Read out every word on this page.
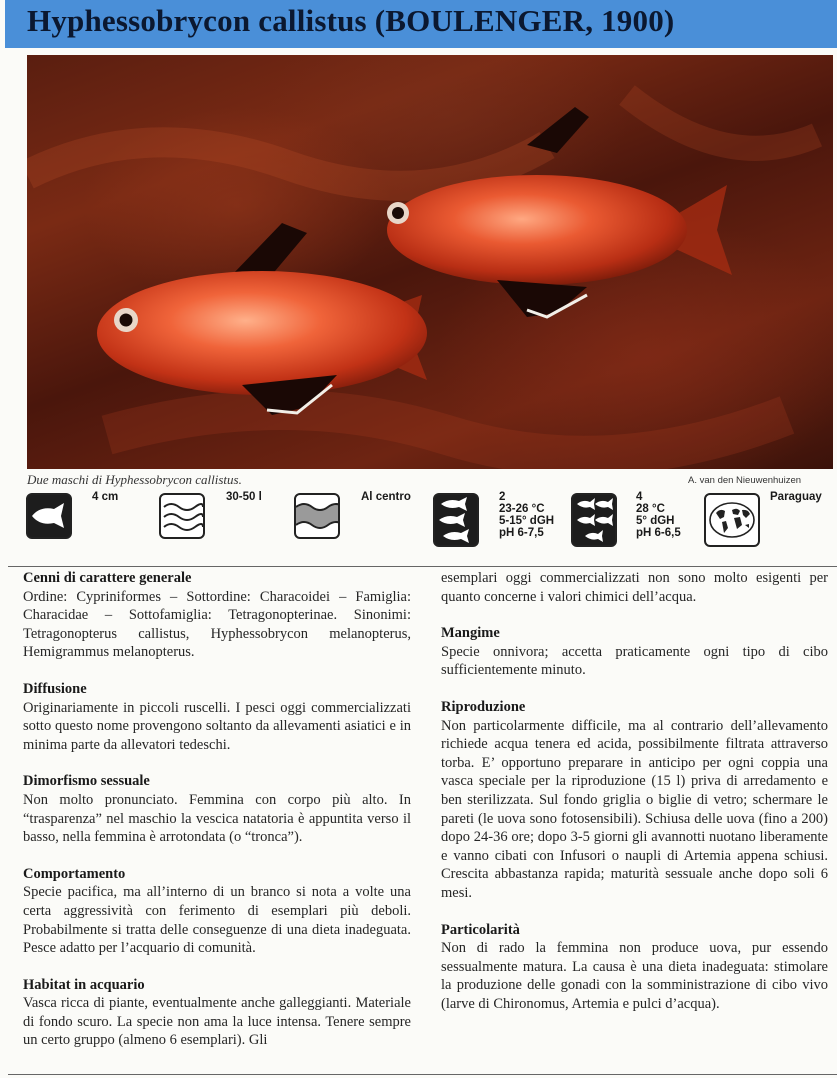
Hyphessobrycon callistus (BOULENGER, 1900)
Due maschi di Hyphessobrycon callistus.	A. van den Nieuwenhuizen
4 cm	30-50 l	Al centro	2
23-26 °C
5-15° dGH
pH 6-7,5
4
28 °C
5° dGH
pH 6-6,5
Paraguay
Cenni di carattere generale

Ordine: Cypriniformes – Sottordine: Characoidei – Famiglia: Characidae – Sottofamiglia: Tetragonopterinae. Sinonimi: Tetragonopterus callistus, Hyphessobrycon melanopterus, Hemigrammus melanopterus.

Diffusione

Originariamente in piccoli ruscelli. I pesci oggi commercializzati sotto questo nome provengono soltanto da allevamenti asiatici e in minima parte da allevatori tedeschi.

Dimorfismo sessuale

Non molto pronunciato. Femmina con corpo più alto. In “trasparenza” nel maschio la vescica natatoria è appuntita verso il basso, nella femmina è arrotondata (o “tronca”).

Comportamento

Specie pacifica, ma all’interno di un branco si nota a volte una certa aggressività con ferimento di esemplari più deboli. Probabilmente si tratta delle conseguenze di una dieta inadeguata. Pesce adatto per l’acquario di comunità.

Habitat in acquario

Vasca ricca di piante, eventualmente anche galleggianti. Materiale di fondo scuro. La specie non ama la luce intensa. Tenere sempre un certo gruppo (almeno 6 esemplari). Gli

esemplari oggi commercializzati non sono molto esigenti per quanto concerne i valori chimici dell’acqua.

Mangime

Specie onnivora; accetta praticamente ogni tipo di cibo sufficientemente minuto.

Riproduzione

Non particolarmente difficile, ma al contrario dell’allevamento richiede acqua tenera ed acida, possibilmente filtrata attraverso torba. E’ opportuno preparare in anticipo per ogni coppia una vasca speciale per la riproduzione (15 l) priva di arredamento e ben sterilizzata. Sul fondo griglia o biglie di vetro; schermare le pareti (le uova sono fotosensibili). Schiusa delle uova (fino a 200) dopo 24-36 ore; dopo 3-5 giorni gli avannotti nuotano liberamente e vanno cibati con Infusori o naupli di Artemia appena schiusi. Crescita abbastanza rapida; maturità sessuale anche dopo soli 6 mesi.

Particolarità

Non di rado la femmina non produce uova, pur essendo sessualmente matura. La causa è una dieta inadeguata: stimolare la produzione delle gonadi con la somministrazione di cibo vivo (larve di Chironomus, Artemia e pulci d’acqua).
